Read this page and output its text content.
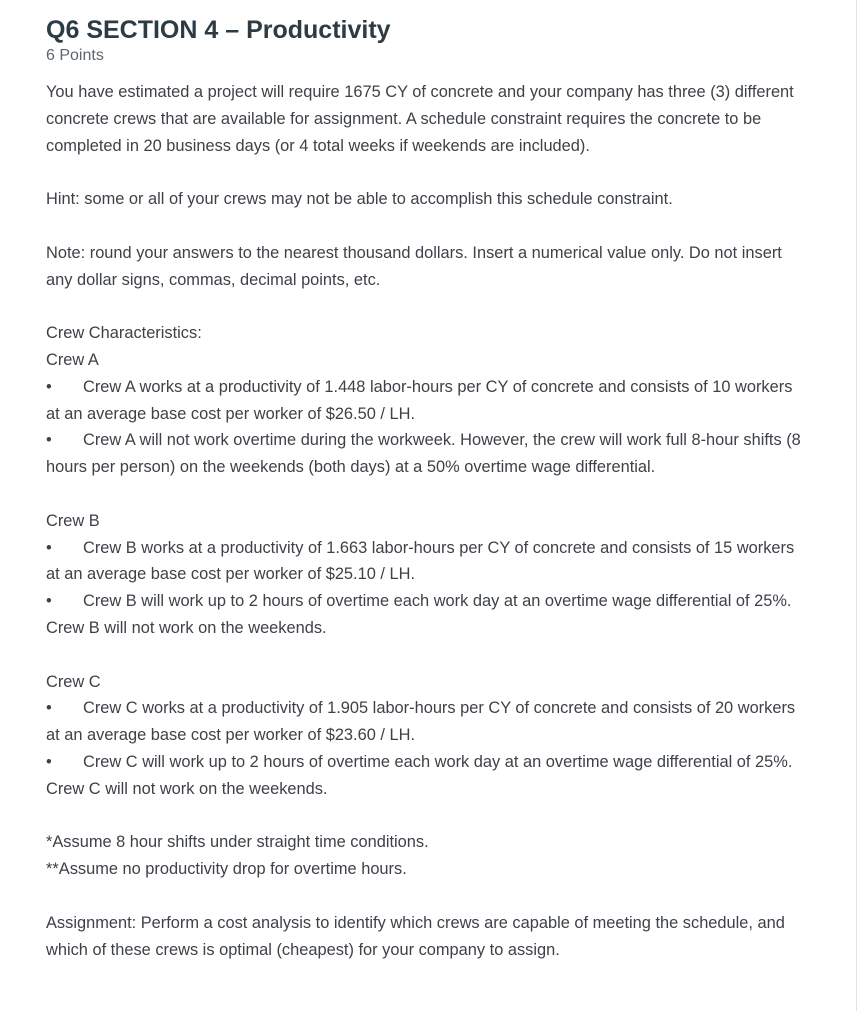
Q6 SECTION 4 – Productivity
6 Points

You have estimated a project will require 1675 CY of concrete and your company has three (3) different concrete crews that are available for assignment. A schedule constraint requires the concrete to be completed in 20 business days (or 4 total weeks if weekends are included).

Hint: some or all of your crews may not be able to accomplish this schedule constraint.

Note: round your answers to the nearest thousand dollars. Insert a numerical value only. Do not insert any dollar signs, commas, decimal points, etc.

Crew Characteristics:

Crew A

• Crew A works at a productivity of 1.448 labor-hours per CY of concrete and consists of 10 workers at an average base cost per worker of $26.50 / LH.

• Crew A will not work overtime during the workweek. However, the crew will work full 8-hour shifts (8 hours per person) on the weekends (both days) at a 50% overtime wage differential.

Crew B

• Crew B works at a productivity of 1.663 labor-hours per CY of concrete and consists of 15 workers at an average base cost per worker of $25.10 / LH.

• Crew B will work up to 2 hours of overtime each work day at an overtime wage differential of 25%. Crew B will not work on the weekends.

Crew C

• Crew C works at a productivity of 1.905 labor-hours per CY of concrete and consists of 20 workers at an average base cost per worker of $23.60 / LH.

• Crew C will work up to 2 hours of overtime each work day at an overtime wage differential of 25%. Crew C will not work on the weekends.

*Assume 8 hour shifts under straight time conditions.

**Assume no productivity drop for overtime hours.

Assignment: Perform a cost analysis to identify which crews are capable of meeting the schedule, and which of these crews is optimal (cheapest) for your company to assign.
